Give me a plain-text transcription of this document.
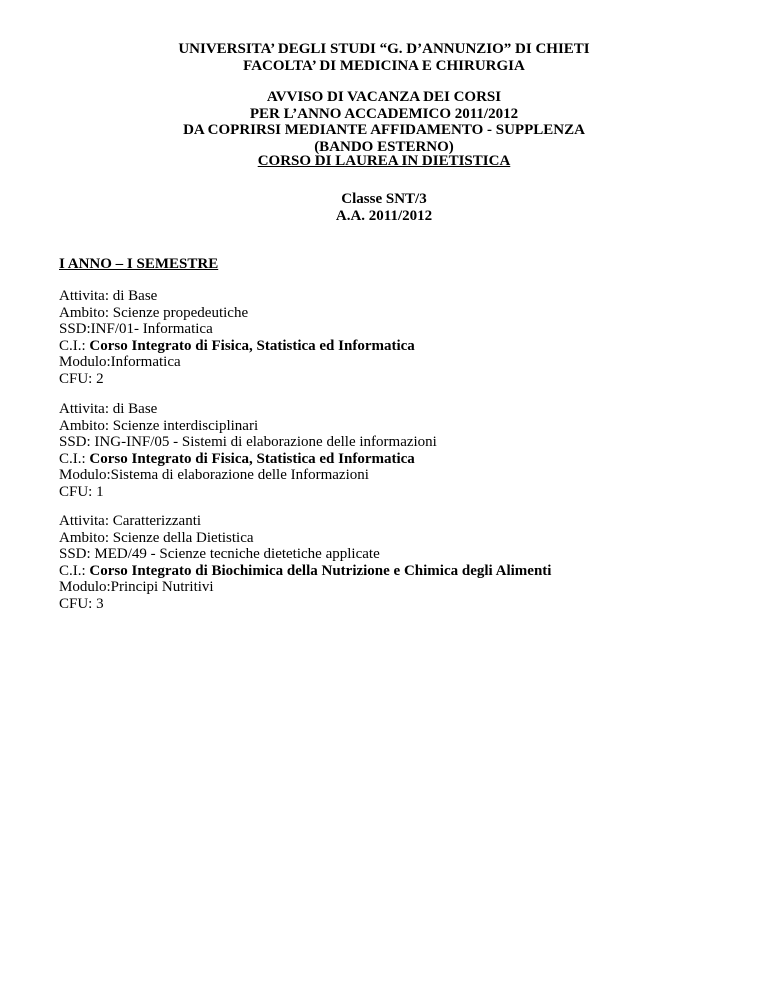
UNIVERSITA’ DEGLI STUDI “G. D’ANNUNZIO” DI CHIETI
FACOLTA’ DI MEDICINA E CHIRURGIA
AVVISO DI VACANZA DEI CORSI
PER L’ANNO ACCADEMICO 2011/2012
DA COPRIRSI MEDIANTE AFFIDAMENTO - SUPPLENZA
(BANDO ESTERNO)
CORSO DI LAUREA IN DIETISTICA
Classe SNT/3
A.A. 2011/2012
I ANNO – I SEMESTRE
Attivita: di Base
Ambito: Scienze propedeutiche
SSD:INF/01- Informatica
C.I.: Corso Integrato di Fisica, Statistica ed Informatica
Modulo:Informatica
CFU: 2
Attivita: di Base
Ambito: Scienze interdisciplinari
SSD: ING-INF/05 - Sistemi di elaborazione delle informazioni
C.I.: Corso Integrato di Fisica, Statistica ed Informatica
Modulo:Sistema di elaborazione delle Informazioni
CFU: 1
Attivita: Caratterizzanti
Ambito: Scienze della Dietistica
SSD: MED/49 - Scienze tecniche dietetiche applicate
C.I.: Corso Integrato di Biochimica della Nutrizione e Chimica degli Alimenti
Modulo:Principi Nutritivi
CFU: 3
